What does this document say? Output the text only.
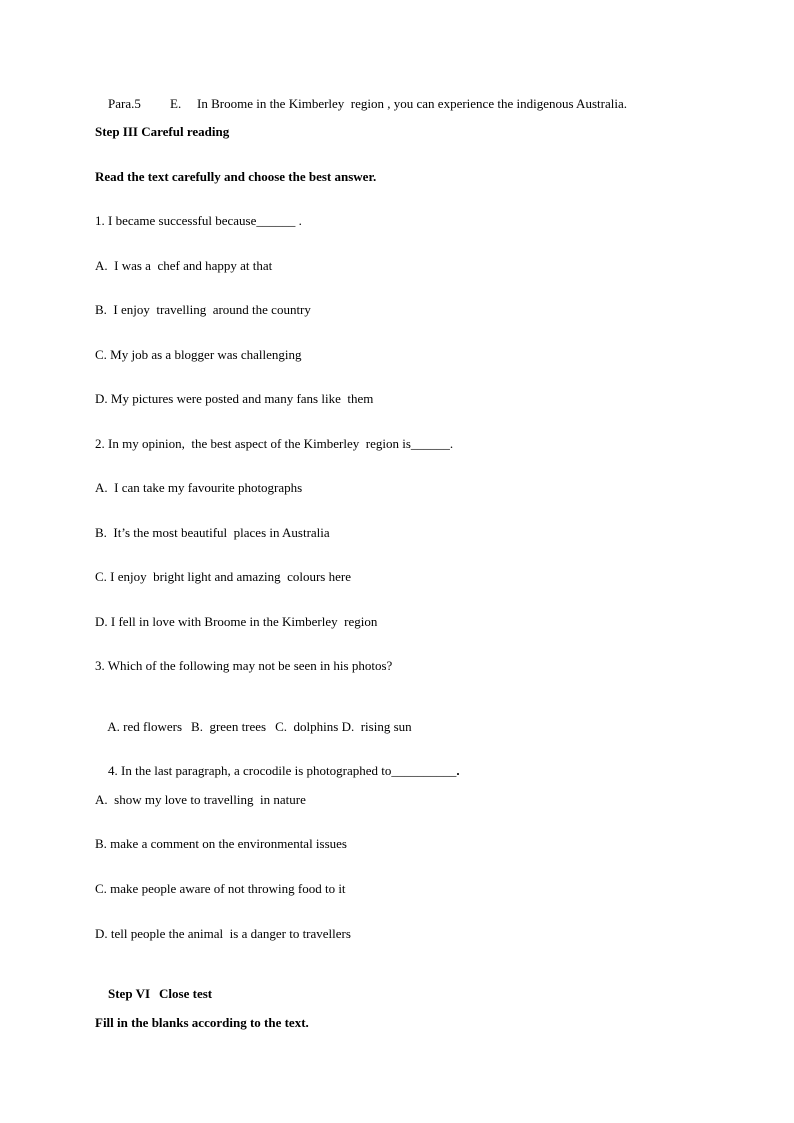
Para.5 E. In Broome in the Kimberley  region , you can experience the indigenous Australia.

Step III Careful reading
Read the text carefully and choose the best answer.
1. I became successful because______ .
A.  I was a  chef and happy at that
B.  I enjoy  travelling  around the country
C. My job as a blogger was challenging
D. My pictures were posted and many fans like  them
2. In my opinion,  the best aspect of the Kimberley  region is______.
A.  I can take my favourite photographs
B.  It’s the most beautiful  places in Australia
C. I enjoy  bright light and amazing  colours here
D. I fell in love with Broome in the Kimberley  region
3. Which of the following may not be seen in his photos?

A. red flowers B.  green trees C.  dolphins D.  rising sun

4. In the last paragraph, a crocodile is photographed to__________.

A.  show my love to travelling  in nature
B. make a comment on the environmental issues
C. make people aware of not throwing food to it
D. tell people the animal  is a danger to travellers

Step VI Close test

Fill in the blanks according to the text.
